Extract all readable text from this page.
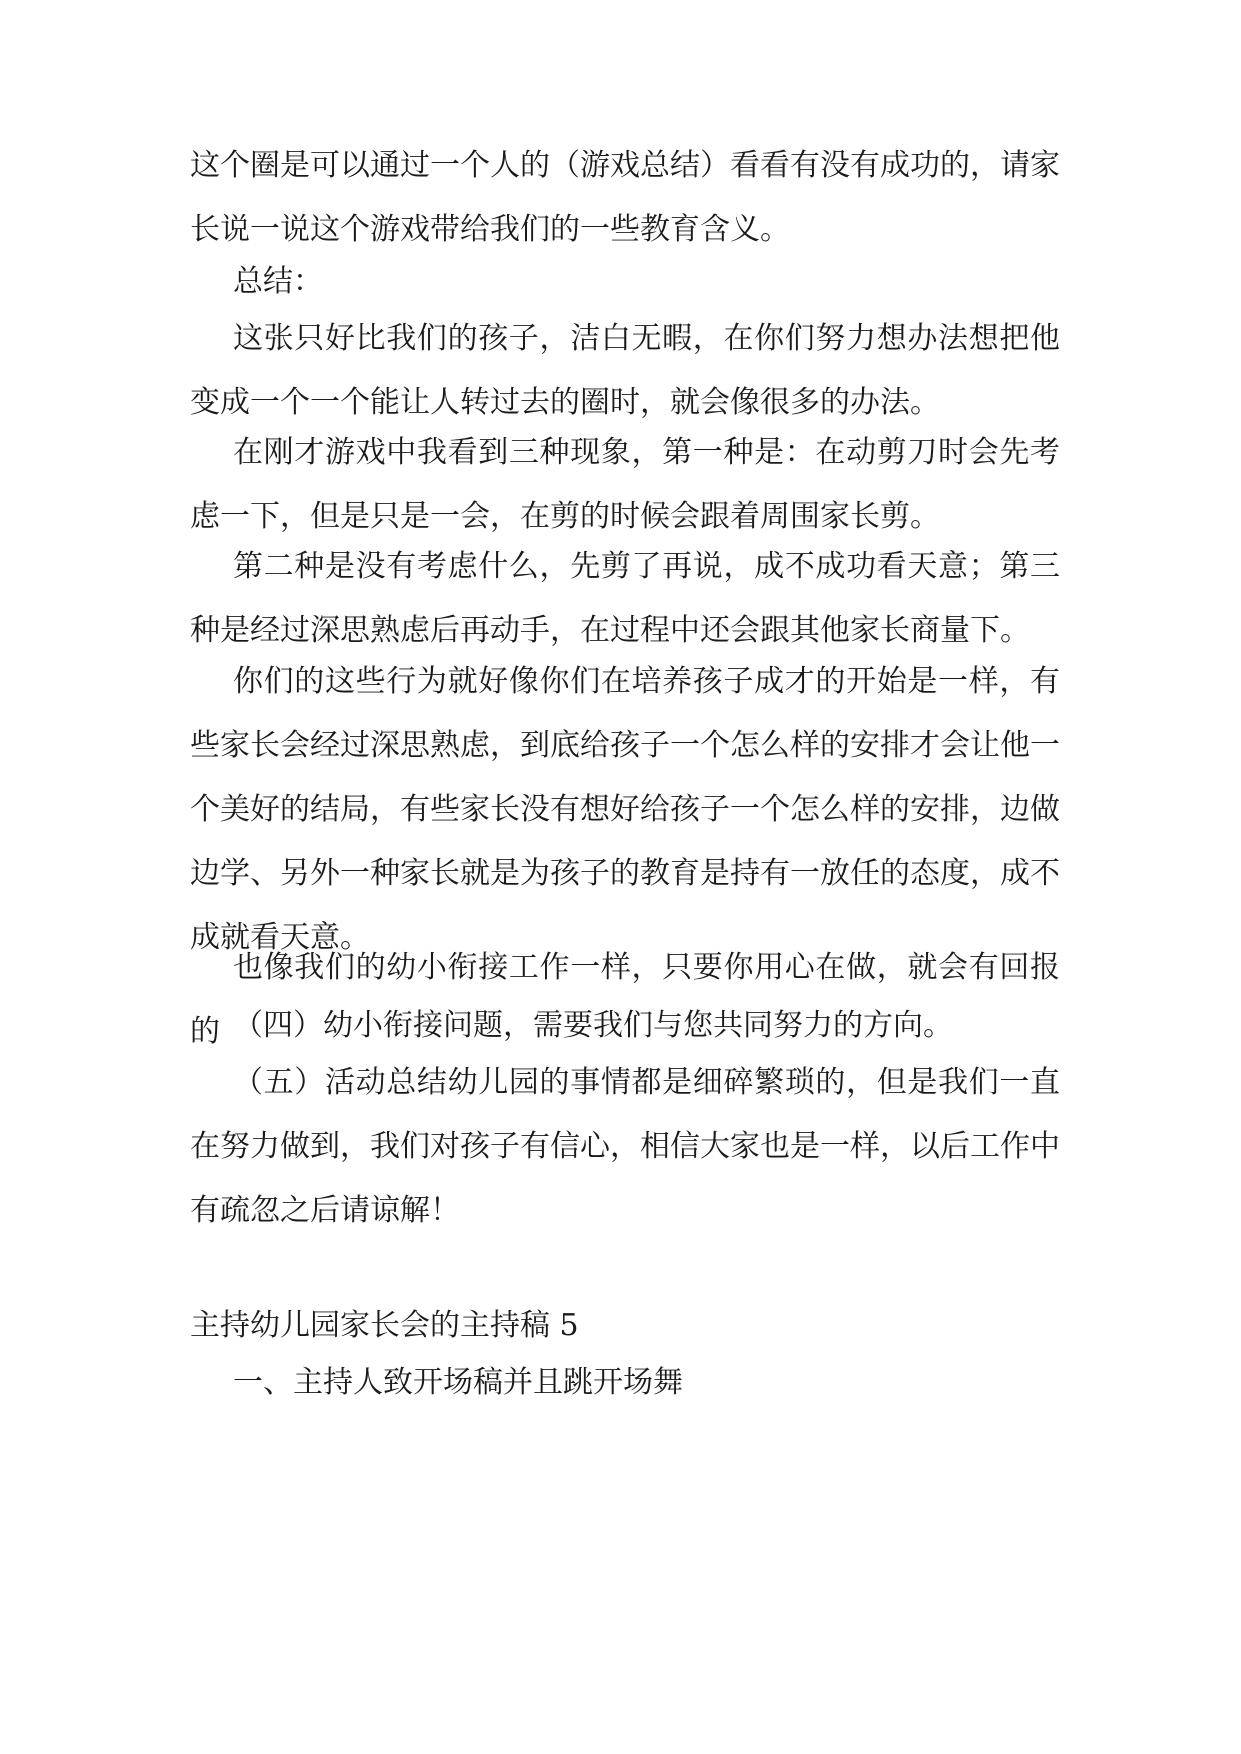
这个圈是可以通过一个人的（游戏总结）看看有没有成功的，请家长说一说这个游戏带给我们的一些教育含义。

总结：

这张只好比我们的孩子，洁白无暇，在你们努力想办法想把他变成一个一个能让人转过去的圈时，就会像很多的办法。

在刚才游戏中我看到三种现象，第一种是：在动剪刀时会先考虑一下，但是只是一会，在剪的时候会跟着周围家长剪。

第二种是没有考虑什么，先剪了再说，成不成功看天意；第三种是经过深思熟虑后再动手，在过程中还会跟其他家长商量下。

你们的这些行为就好像你们在培养孩子成才的开始是一样，有些家长会经过深思熟虑，到底给孩子一个怎么样的安排才会让他一个美好的结局，有些家长没有想好给孩子一个怎么样的安排，边做边学、另外一种家长就是为孩子的教育是持有一放任的态度，成不成就看天意。

也像我们的幼小衔接工作一样，只要你用心在做，就会有回报的 （四）幼小衔接问题，需要我们与您共同努力的方向。

（五）活动总结幼儿园的事情都是细碎繁琐的，但是我们一直在努力做到，我们对孩子有信心，相信大家也是一样，以后工作中有疏忽之后请谅解！

主持幼儿园家长会的主持稿 5

一、主持人致开场稿并且跳开场舞
